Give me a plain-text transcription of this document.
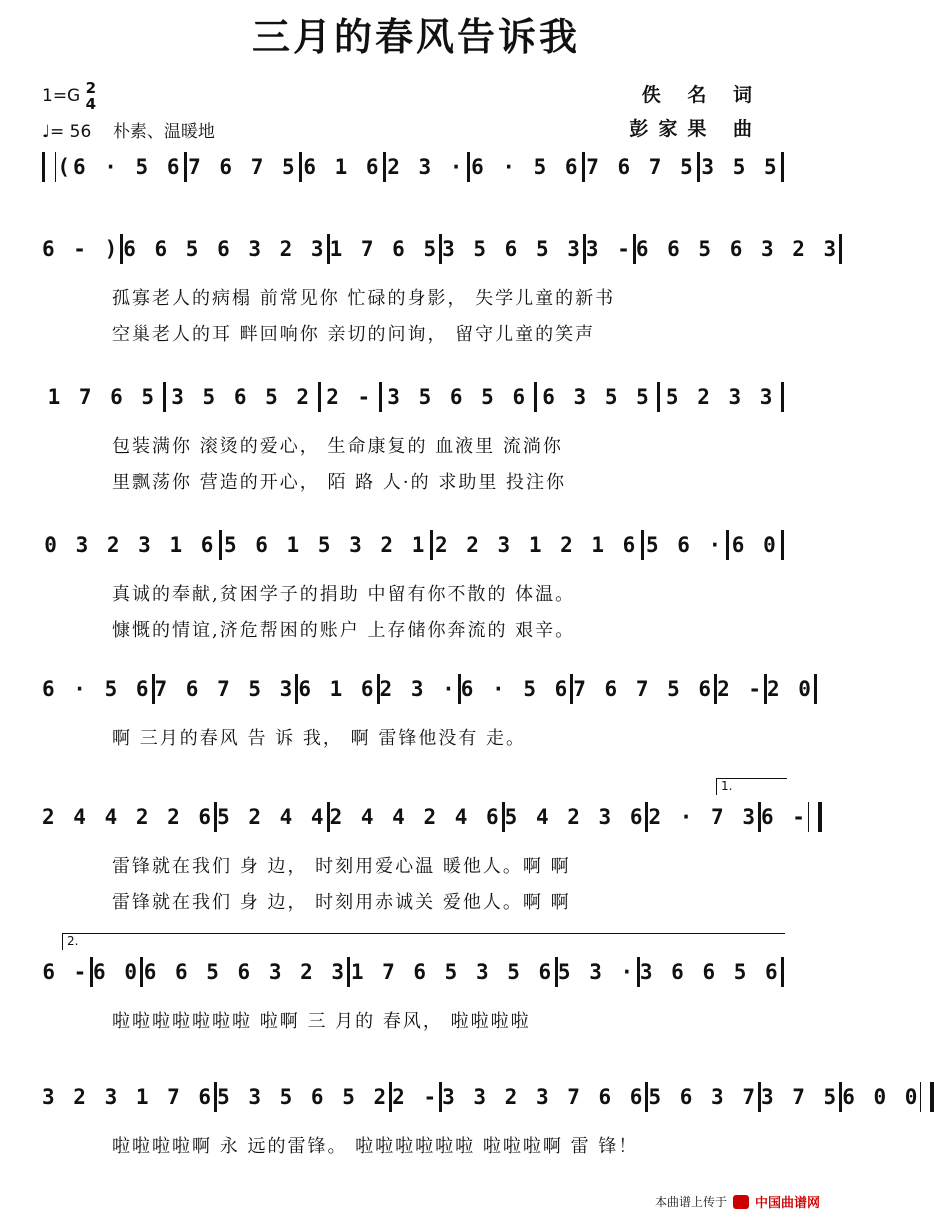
三月的春风告诉我
1=G 2
4
♩= 56 朴素、温暖地
佚 名 词
彭家果 曲
(6 · 5 6 7 6 7 5 6 1 6 2 3 · 6 · 5 6 7 6 7 5 3 5 5
6 - ) 6 6 5 6 3 2 3 1 7 6 5 3 5 6 5 3 3 - 6 6 5 6 3 2 3
孤寡老人的病榻 前常见你 忙碌的身影， 失学儿童的新书
空巢老人的耳 畔回响你 亲切的问询， 留守儿童的笑声
1 7 6 5 3 5 6 5 2 2 - 3 5 6 5 6 6 3 5 5 5 2 3 3
包装满你 滚烫的爱心， 生命康复的 血液里 流淌你
里飘荡你 营造的开心， 陌 路 人·的 求助里 投注你
0 3 2 3 1 6 5 6 1 5 3 2 1 2 2 3 1 2 1 6 5 6 · 6 0
真诚的奉献,贫困学子的捐助 中留有你不散的 体温。
慷慨的情谊,济危帮困的账户 上存储你奔流的 艰辛。
6 · 5 6 7 6 7 5 3 6 1 6 2 3 · 6 · 5 6 7 6 7 5 6 2 - 2 0
啊 三月的春风 告 诉 我， 啊 雷锋他没有 走。
2 4 4 2 2 6 5 2 4 4 2 4 4 2 4 6 5 4 2 3 6 2 · 7 3 6 -
雷锋就在我们 身 边， 时刻用爱心温 暖他人。啊 啊
雷锋就在我们 身 边， 时刻用赤诚关 爱他人。啊 啊
1.
6 - 6 0 6 6 5 6 3 2 3 1 7 6 5 3 5 6 5 3 · 3 6 6 5 6
啦啦啦啦啦啦啦 啦啊 三 月的 春风， 啦啦啦啦
2.
3 2 3 1 7 6 5 3 5 6 5 2 2 - 3 3 2 3 7 6 6 5 6 3 7 3 7 5 6 0 0
啦啦啦啦啊 永 远的雷锋。 啦啦啦啦啦啦 啦啦啦啊 雷 锋！
本曲谱上传于 中国曲谱网
